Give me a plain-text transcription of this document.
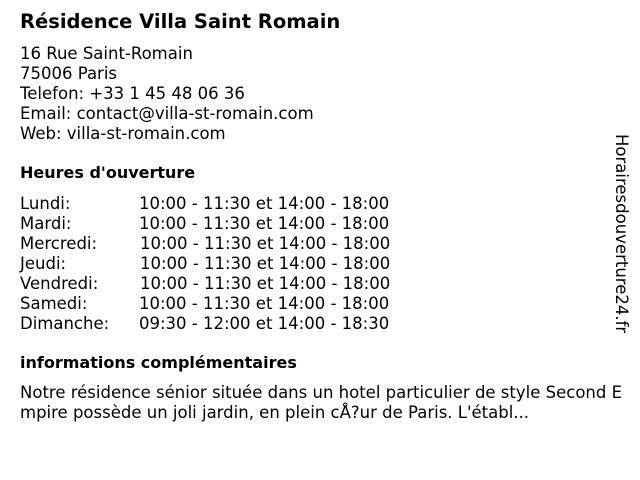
Résidence Villa Saint Romain
16 Rue Saint-Romain
75006 Paris
Telefon: +33 1 45 48 06 36
Email: contact@villa-st-romain.com
Web: villa-st-romain.com
Heures d'ouverture
Lundi:	10:00 - 11:30 et 14:00 - 18:00
Mardi:	10:00 - 11:30 et 14:00 - 18:00
Mercredi:	10:00 - 11:30 et 14:00 - 18:00
Jeudi:	10:00 - 11:30 et 14:00 - 18:00
Vendredi:	10:00 - 11:30 et 14:00 - 18:00
Samedi:	10:00 - 11:30 et 14:00 - 18:00
Dimanche: 09:30 - 12:00 et 14:00 - 18:30
informations complémentaires
Notre résidence sénior située dans un hotel particulier de style Second Empire possède un joli jardin, en plein cÅ?ur de Paris. L'établ...
Horairesdouverture24.fr
